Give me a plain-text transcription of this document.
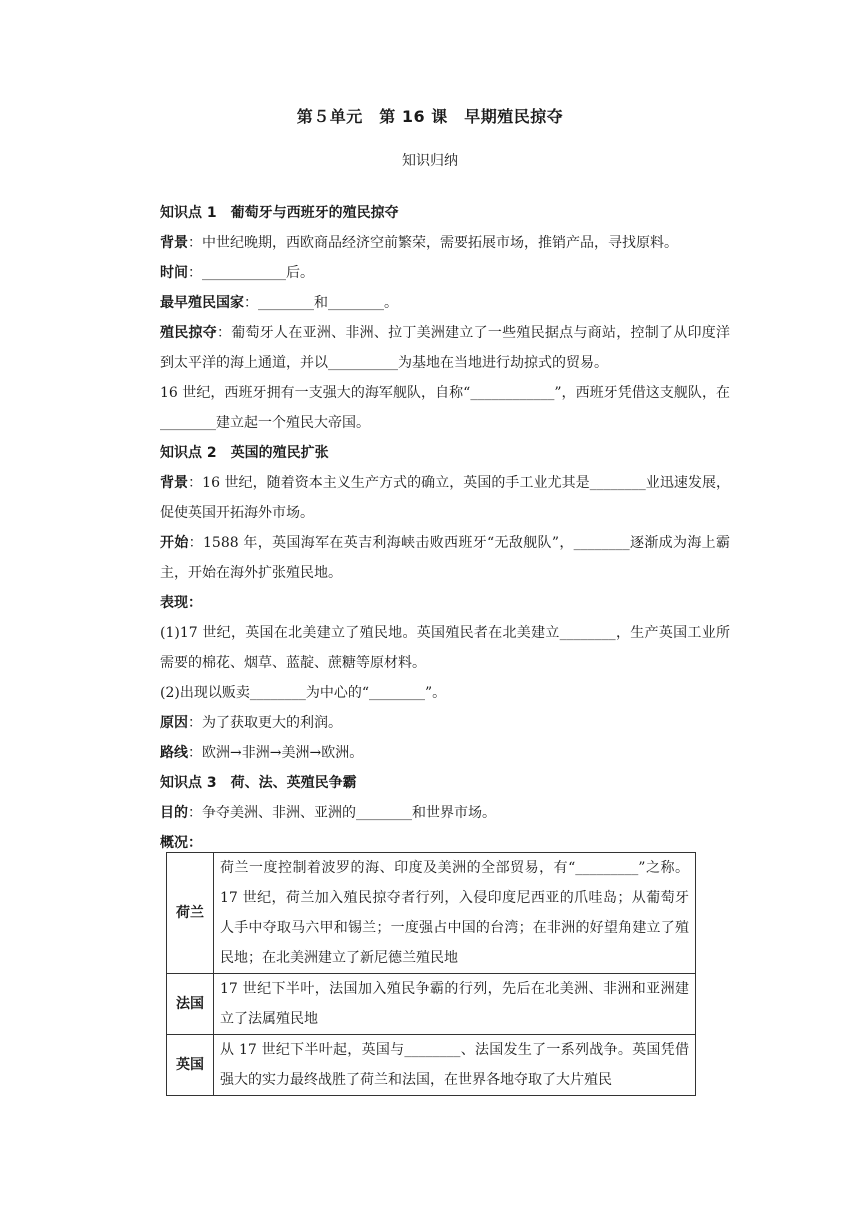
第５单元　第 16 课　早期殖民掠夺
知识归纳

知识点 1　葡萄牙与西班牙的殖民掠夺

背景：中世纪晚期，西欧商品经济空前繁荣，需要拓展市场，推销产品，寻找原料。

时间：____________后。

最早殖民国家：________和________。

殖民掠夺：葡萄牙人在亚洲、非洲、拉丁美洲建立了一些殖民据点与商站，控制了从印度洋到太平洋的海上通道，并以__________为基地在当地进行劫掠式的贸易。

16 世纪，西班牙拥有一支强大的海军舰队，自称“____________”，西班牙凭借这支舰队，在________建立起一个殖民大帝国。

知识点 2　英国的殖民扩张

背景：16 世纪，随着资本主义生产方式的确立，英国的手工业尤其是________业迅速发展，促使英国开拓海外市场。

开始：1588 年，英国海军在英吉利海峡击败西班牙“无敌舰队”，________逐渐成为海上霸主，开始在海外扩张殖民地。

表现：

(1)17 世纪，英国在北美建立了殖民地。英国殖民者在北美建立________，生产英国工业所需要的棉花、烟草、蓝靛、蔗糖等原材料。

(2)出现以贩卖________为中心的“________”。

原因：为了获取更大的利润。

路线：欧洲→非洲→美洲→欧洲。

知识点 3　荷、法、英殖民争霸

目的：争夺美洲、非洲、亚洲的________和世界市场。

概况：

荷兰	荷兰一度控制着波罗的海、印度及美洲的全部贸易，有“_________”之称。17 世纪，荷兰加入殖民掠夺者行列，入侵印度尼西亚的爪哇岛；从葡萄牙人手中夺取马六甲和锡兰；一度强占中国的台湾；在非洲的好望角建立了殖民地；在北美洲建立了新尼德兰殖民地
法国	17 世纪下半叶，法国加入殖民争霸的行列，先后在北美洲、非洲和亚洲建立了法属殖民地
英国	从 17 世纪下半叶起，英国与________、法国发生了一系列战争。英国凭借强大的实力最终战胜了荷兰和法国，在世界各地夺取了大片殖民
